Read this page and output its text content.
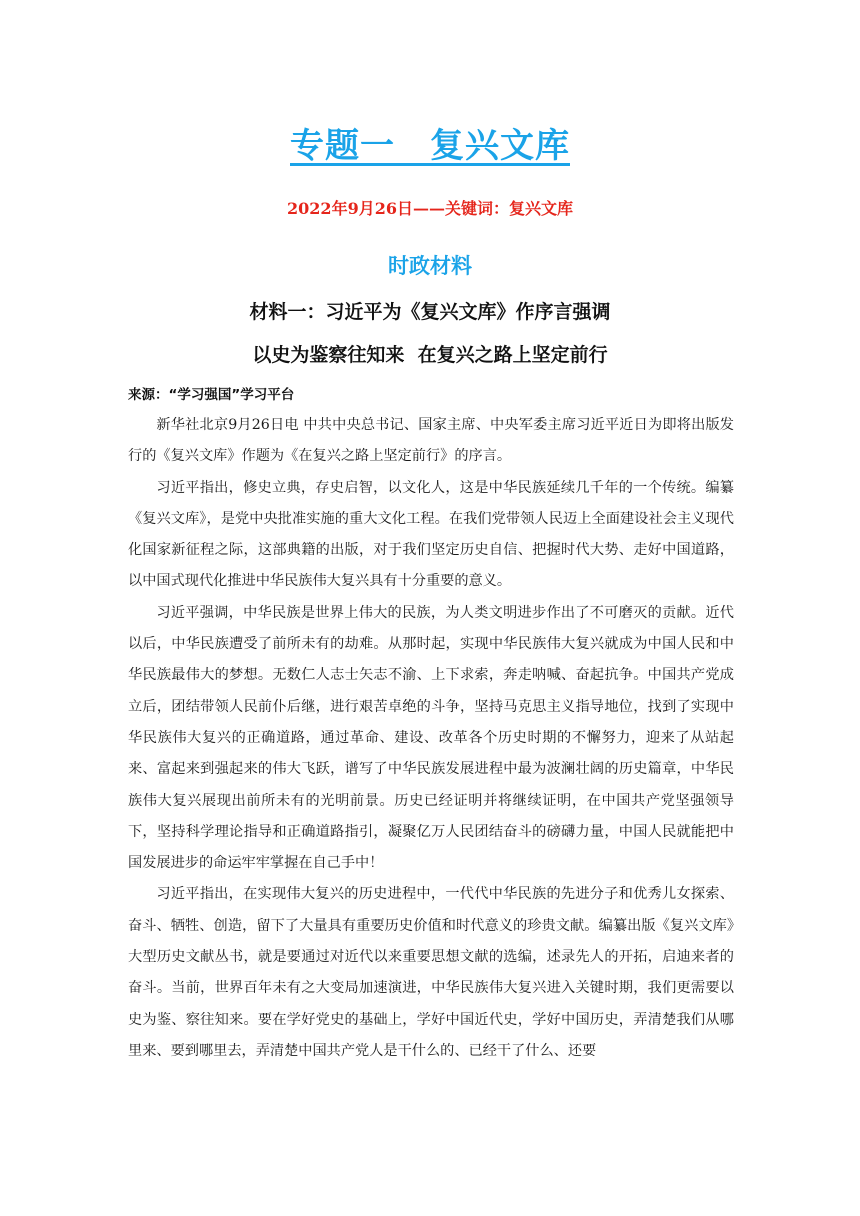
专题一　复兴文库

2022年9月26日——关键词：复兴文库

时政材料
材料一：习近平为《复兴文库》作序言强调
以史为鉴察往知来  在复兴之路上坚定前行

来源：“学习强国”学习平台

新华社北京9月26日电 中共中央总书记、国家主席、中央军委主席习近平近日为即将出版发行的《复兴文库》作题为《在复兴之路上坚定前行》的序言。

习近平指出，修史立典，存史启智，以文化人，这是中华民族延续几千年的一个传统。编纂《复兴文库》，是党中央批准实施的重大文化工程。在我们党带领人民迈上全面建设社会主义现代化国家新征程之际，这部典籍的出版，对于我们坚定历史自信、把握时代大势、走好中国道路，以中国式现代化推进中华民族伟大复兴具有十分重要的意义。

习近平强调，中华民族是世界上伟大的民族，为人类文明进步作出了不可磨灭的贡献。近代以后，中华民族遭受了前所未有的劫难。从那时起，实现中华民族伟大复兴就成为中国人民和中华民族最伟大的梦想。无数仁人志士矢志不渝、上下求索，奔走呐喊、奋起抗争。中国共产党成立后，团结带领人民前仆后继，进行艰苦卓绝的斗争，坚持马克思主义指导地位，找到了实现中华民族伟大复兴的正确道路，通过革命、建设、改革各个历史时期的不懈努力，迎来了从站起来、富起来到强起来的伟大飞跃，谱写了中华民族发展进程中最为波澜壮阔的历史篇章，中华民族伟大复兴展现出前所未有的光明前景。历史已经证明并将继续证明，在中国共产党坚强领导下，坚持科学理论指导和正确道路指引，凝聚亿万人民团结奋斗的磅礴力量，中国人民就能把中国发展进步的命运牢牢掌握在自己手中！

习近平指出，在实现伟大复兴的历史进程中，一代代中华民族的先进分子和优秀儿女探索、奋斗、牺牲、创造，留下了大量具有重要历史价值和时代意义的珍贵文献。编纂出版《复兴文库》大型历史文献丛书，就是要通过对近代以来重要思想文献的选编，述录先人的开拓，启迪来者的奋斗。当前，世界百年未有之大变局加速演进，中华民族伟大复兴进入关键时期，我们更需要以史为鉴、察往知来。要在学好党史的基础上，学好中国近代史，学好中国历史，弄清楚我们从哪里来、要到哪里去，弄清楚中国共产党人是干什么的、已经干了什么、还要
